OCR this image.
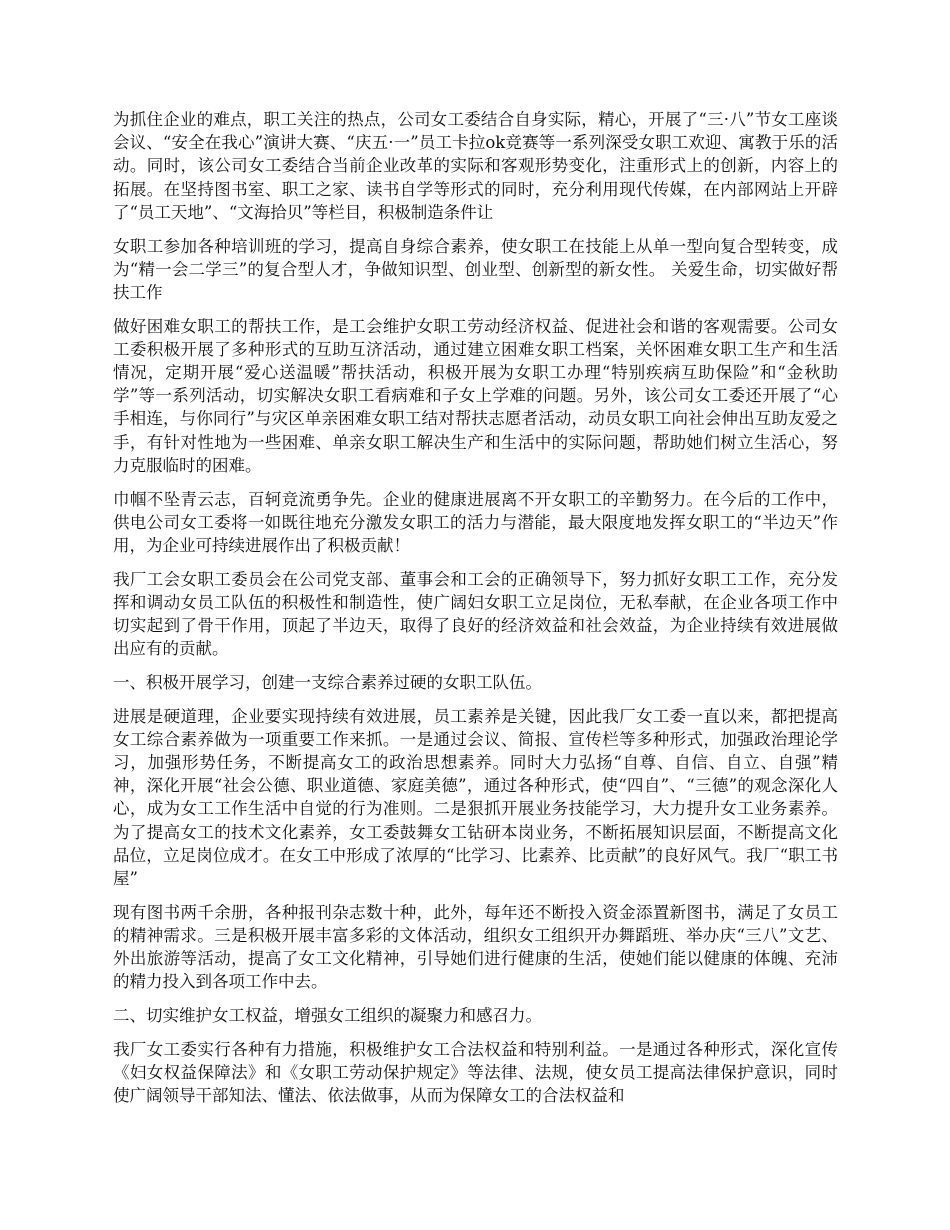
为抓住企业的难点，职工关注的热点，公司女工委结合自身实际，精心，开展了“三·八”节女工座谈会议、“安全在我心”演讲大赛、“庆五·一”员工卡拉ok竞赛等一系列深受女职工欢迎、寓教于乐的活动。同时，该公司女工委结合当前企业改革的实际和客观形势变化，注重形式上的创新，内容上的拓展。在坚持图书室、职工之家、读书自学等形式的同时，充分利用现代传媒，在内部网站上开辟了“员工天地”、“文海拾贝”等栏目，积极制造条件让

女职工参加各种培训班的学习，提高自身综合素养，使女职工在技能上从单一型向复合型转变，成为“精一会二学三”的复合型人才，争做知识型、创业型、创新型的新女性。 关爱生命，切实做好帮扶工作

做好困难女职工的帮扶工作，是工会维护女职工劳动经济权益、促进社会和谐的客观需要。公司女工委积极开展了多种形式的互助互济活动，通过建立困难女职工档案，关怀困难女职工生产和生活情况，定期开展“爱心送温暖”帮扶活动，积极开展为女职工办理“特别疾病互助保险”和“金秋助学”等一系列活动，切实解决女职工看病难和子女上学难的问题。另外，该公司女工委还开展了“心手相连，与你同行”与灾区单亲困难女职工结对帮扶志愿者活动，动员女职工向社会伸出互助友爱之手，有针对性地为一些困难、单亲女职工解决生产和生活中的实际问题，帮助她们树立生活心，努力克服临时的困难。

巾帼不坠青云志，百轲竞流勇争先。企业的健康进展离不开女职工的辛勤努力。在今后的工作中，供电公司女工委将一如既往地充分激发女职工的活力与潜能，最大限度地发挥女职工的“半边天”作用，为企业可持续进展作出了积极贡献！

我厂工会女职工委员会在公司党支部、董事会和工会的正确领导下，努力抓好女职工工作，充分发挥和调动女员工队伍的积极性和制造性，使广阔妇女职工立足岗位，无私奉献，在企业各项工作中切实起到了骨干作用，顶起了半边天，取得了良好的经济效益和社会效益，为企业持续有效进展做出应有的贡献。

一、积极开展学习，创建一支综合素养过硬的女职工队伍。

进展是硬道理，企业要实现持续有效进展，员工素养是关键，因此我厂女工委一直以来，都把提高女工综合素养做为一项重要工作来抓。一是通过会议、简报、宣传栏等多种形式，加强政治理论学习，加强形势任务，不断提高女工的政治思想素养。同时大力弘扬“自尊、自信、自立、自强”精神，深化开展“社会公德、职业道德、家庭美德”，通过各种形式，使“四自”、“三德”的观念深化人心，成为女工工作生活中自觉的行为准则。二是狠抓开展业务技能学习，大力提升女工业务素养。为了提高女工的技术文化素养，女工委鼓舞女工钻研本岗业务，不断拓展知识层面，不断提高文化品位，立足岗位成才。在女工中形成了浓厚的“比学习、比素养、比贡献”的良好风气。我厂“职工书屋”

现有图书两千余册，各种报刊杂志数十种，此外，每年还不断投入资金添置新图书，满足了女员工的精神需求。三是积极开展丰富多彩的文体活动，组织女工组织开办舞蹈班、举办庆“三八”文艺、外出旅游等活动，提高了女工文化精神，引导她们进行健康的生活，使她们能以健康的体魄、充沛的精力投入到各项工作中去。

二、切实维护女工权益，增强女工组织的凝聚力和感召力。

我厂女工委实行各种有力措施，积极维护女工合法权益和特别利益。一是通过各种形式，深化宣传《妇女权益保障法》和《女职工劳动保护规定》等法律、法规，使女员工提高法律保护意识，同时使广阔领导干部知法、懂法、依法做事，从而为保障女工的合法权益和
